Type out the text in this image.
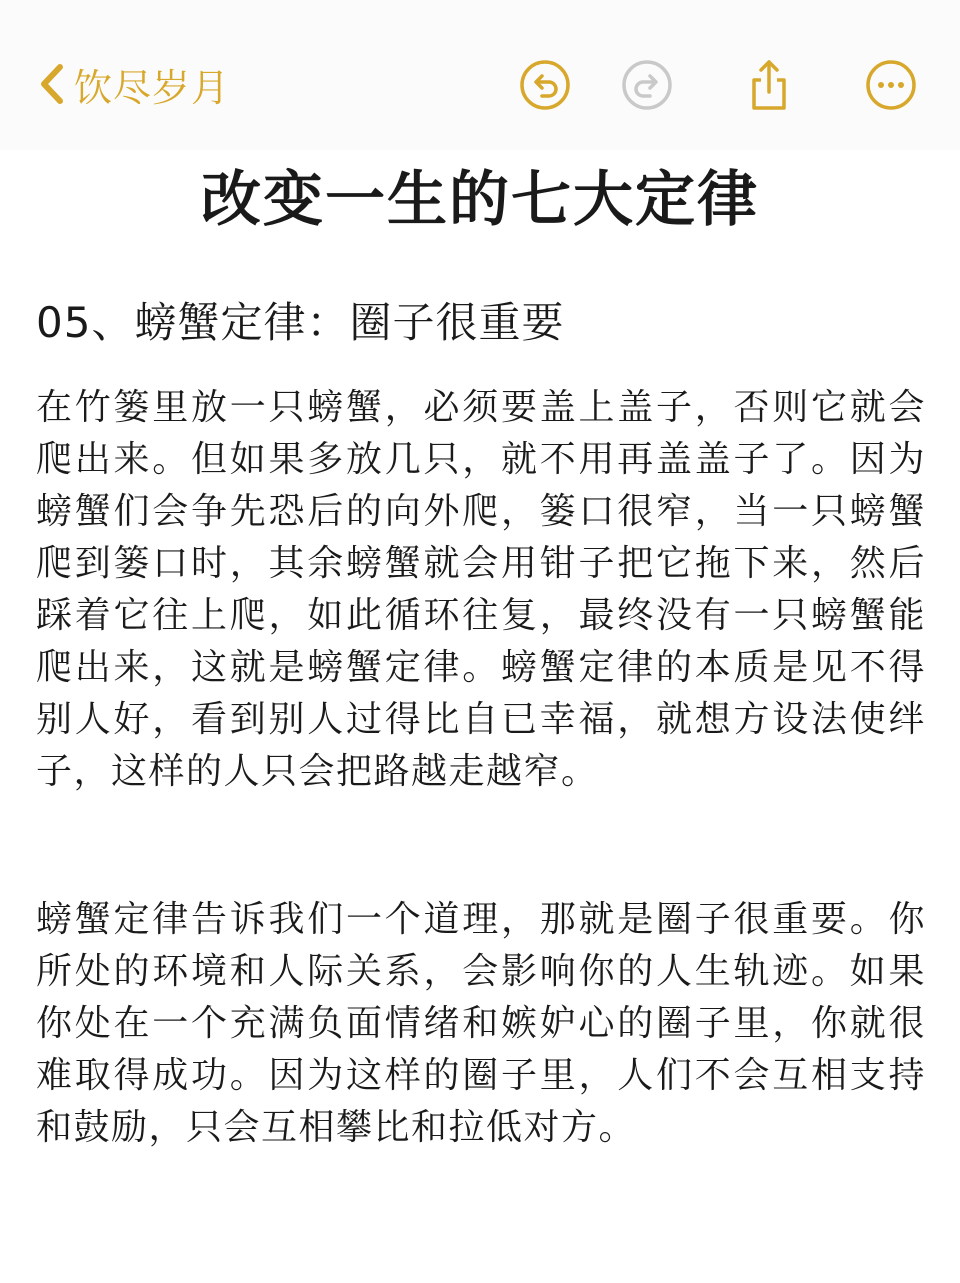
饮尽岁月
改变一生的七大定律
05、螃蟹定律：圈子很重要
在竹篓里放一只螃蟹，必须要盖上盖子，否则它就会爬出来。但如果多放几只，就不用再盖盖子了。因为螃蟹们会争先恐后的向外爬，篓口很窄，当一只螃蟹爬到篓口时，其余螃蟹就会用钳子把它拖下来，然后踩着它往上爬，如此循环往复，最终没有一只螃蟹能爬出来，这就是螃蟹定律。螃蟹定律的本质是见不得别人好，看到别人过得比自已幸福，就想方设法使绊子，这样的人只会把路越走越窄。
螃蟹定律告诉我们一个道理，那就是圈子很重要。你所处的环境和人际关系，会影响你的人生轨迹。如果你处在一个充满负面情绪和嫉妒心的圈子里，你就很难取得成功。因为这样的圈子里，人们不会互相支持和鼓励，只会互相攀比和拉低对方。
